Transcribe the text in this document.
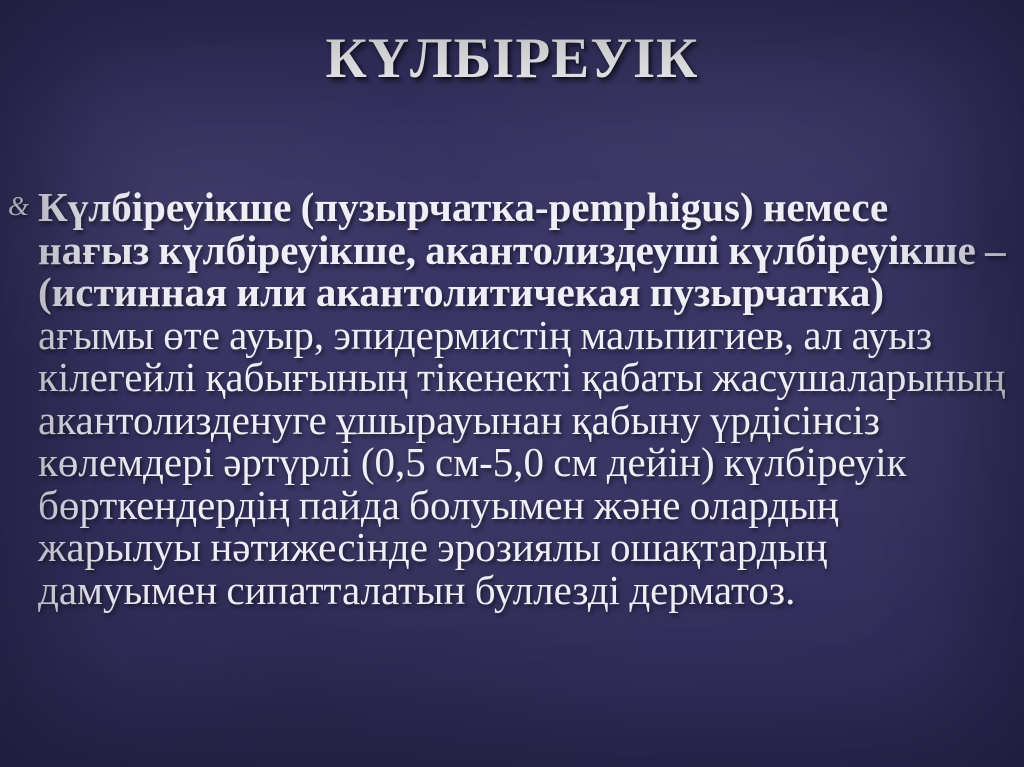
КҮЛБІРЕУІК
& Күлбіреуікше (пузырчатка-pemphigus) немесе нағыз күлбіреуікше, акантолиздеуші күлбіреуікше – (истинная или акантолитичекая пузырчатка) ағымы өте ауыр, эпидермистің мальпигиев, ал ауыз кілегейлі қабығының тікенекті қабаты жасушаларының акантолизденуге ұшырауынан қабыну үрдісінсіз көлемдері әртүрлі (0,5 см-5,0 см дейін) күлбіреуік бөрткендердің пайда болуымен және олардың жарылуы нәтижесінде эрозиялы ошақтардың дамуымен сипатталатын буллезді дерматоз.
